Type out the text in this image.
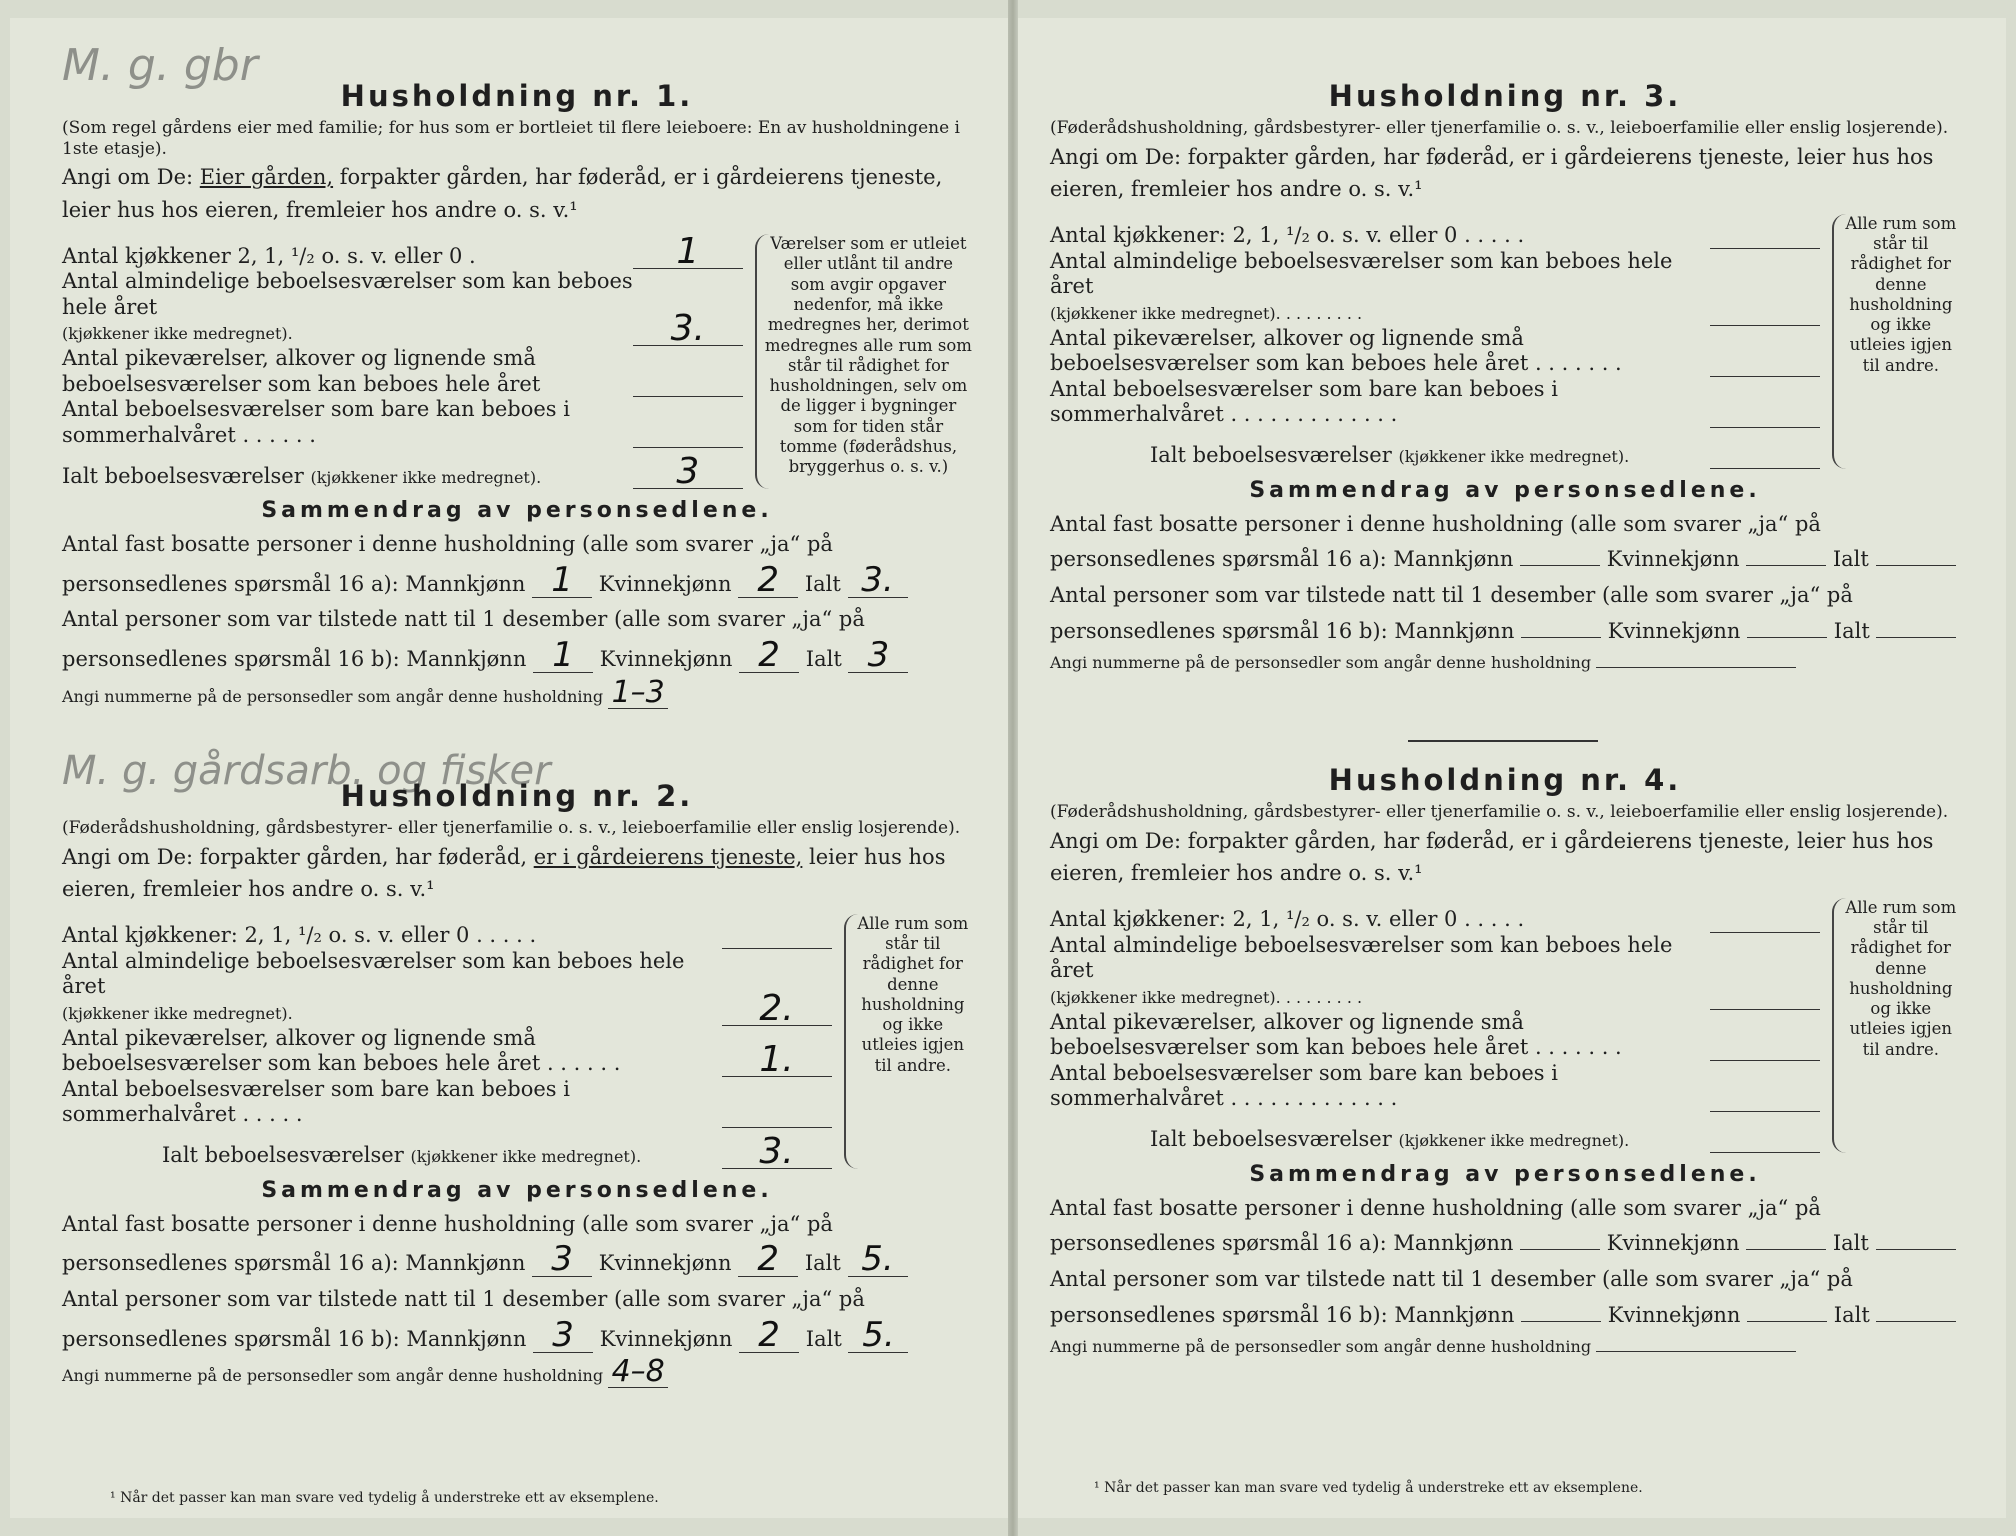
M. g. gbr
M. g. gårdsarb. og fisker
Husholdning nr. 1.
(Som regel gårdens eier med familie; for hus som er bortleiet til flere leieboere: En av husholdningene i 1ste etasje).

Angi om De: Eier gården, forpakter gården, har føderåd, er i gårdeierens tjeneste, leier hus hos eieren, fremleier hos andre o. s. v.¹

Antal kjøkkener 2, 1, ¹/₂ o. s. v. eller 0 .	1
Antal almindelige beboelsesværelser som kan beboes hele året
(kjøkkener ikke medregnet).	3.
Antal pikeværelser, alkover og lignende små beboelsesværelser som kan beboes hele året
Antal beboelsesværelser som bare kan beboes i sommerhalvåret . . . . . .
Ialt beboelsesværelser (kjøkkener ikke medregnet).	3
Værelser som er utleiet eller utlånt til andre som avgir opgaver nedenfor, må ikke medregnes her, derimot medregnes alle rum som står til rådighet for husholdningen, selv om de ligger i bygninger som for tiden står tomme (føderådshus, bryggerhus o. s. v.)
Sammendrag av personsedlene.

Antal fast bosatte personer i denne husholdning (alle som svarer „ja“ på personsedlenes spørsmål 16 a): Mannkjønn 1 Kvinnekjønn 2 Ialt 3.

Antal personer som var tilstede natt til 1 desember (alle som svarer „ja“ på personsedlenes spørsmål 16 b): Mannkjønn 1 Kvinnekjønn 2 Ialt 3

Angi nummerne på de personsedler som angår denne husholdning 1–3

Husholdning nr. 2.
(Føderådshusholdning, gårdsbestyrer- eller tjenerfamilie o. s. v., leieboerfamilie eller enslig losjerende).

Angi om De: forpakter gården, har føderåd, er i gårdeierens tjeneste, leier hus hos eieren, fremleier hos andre o. s. v.¹

Antal kjøkkener: 2, 1, ¹/₂ o. s. v. eller 0 . . . . .
Antal almindelige beboelsesværelser som kan beboes hele året
(kjøkkener ikke medregnet).	2.
Antal pikeværelser, alkover og lignende små beboelsesværelser som kan beboes hele året . . . . . .	1.
Antal beboelsesværelser som bare kan beboes i sommerhalvåret . . . . .
Ialt beboelsesværelser (kjøkkener ikke medregnet).	3.
Alle rum som står til rådighet for denne husholdning og ikke utleies igjen til andre.
Sammendrag av personsedlene.

Antal fast bosatte personer i denne husholdning (alle som svarer „ja“ på personsedlenes spørsmål 16 a): Mannkjønn 3 Kvinnekjønn 2 Ialt 5.

Antal personer som var tilstede natt til 1 desember (alle som svarer „ja“ på personsedlenes spørsmål 16 b): Mannkjønn 3 Kvinnekjønn 2 Ialt 5.

Angi nummerne på de personsedler som angår denne husholdning 4–8

¹ Når det passer kan man svare ved tydelig å understreke ett av eksemplene.
Husholdning nr. 3.
(Føderådshusholdning, gårdsbestyrer- eller tjenerfamilie o. s. v., leieboerfamilie eller enslig losjerende).

Angi om De: forpakter gården, har føderåd, er i gårdeierens tjeneste, leier hus hos eieren, fremleier hos andre o. s. v.¹

Antal kjøkkener: 2, 1, ¹/₂ o. s. v. eller 0 . . . . .
Antal almindelige beboelsesværelser som kan beboes hele året
(kjøkkener ikke medregnet). . . . . . . . .
Antal pikeværelser, alkover og lignende små beboelsesværelser som kan beboes hele året . . . . . . .
Antal beboelsesværelser som bare kan beboes i sommerhalvåret . . . . . . . . . . . . .
Ialt beboelsesværelser (kjøkkener ikke medregnet).
Alle rum som står til rådighet for denne husholdning og ikke utleies igjen til andre.
Sammendrag av personsedlene.

Antal fast bosatte personer i denne husholdning (alle som svarer „ja“ på personsedlenes spørsmål 16 a): Mannkjønn	Kvinnekjønn	Ialt

Antal personer som var tilstede natt til 1 desember (alle som svarer „ja“ på personsedlenes spørsmål 16 b): Mannkjønn	Kvinnekjønn	Ialt

Angi nummerne på de personsedler som angår denne husholdning

Husholdning nr. 4.
(Føderådshusholdning, gårdsbestyrer- eller tjenerfamilie o. s. v., leieboerfamilie eller enslig losjerende).

Angi om De: forpakter gården, har føderåd, er i gårdeierens tjeneste, leier hus hos eieren, fremleier hos andre o. s. v.¹

Antal kjøkkener: 2, 1, ¹/₂ o. s. v. eller 0 . . . . .
Antal almindelige beboelsesværelser som kan beboes hele året
(kjøkkener ikke medregnet). . . . . . . . .
Antal pikeværelser, alkover og lignende små beboelsesværelser som kan beboes hele året . . . . . . .
Antal beboelsesværelser som bare kan beboes i sommerhalvåret . . . . . . . . . . . . .
Ialt beboelsesværelser (kjøkkener ikke medregnet).
Alle rum som står til rådighet for denne husholdning og ikke utleies igjen til andre.
Sammendrag av personsedlene.

Antal fast bosatte personer i denne husholdning (alle som svarer „ja“ på personsedlenes spørsmål 16 a): Mannkjønn	Kvinnekjønn	Ialt

Antal personer som var tilstede natt til 1 desember (alle som svarer „ja“ på personsedlenes spørsmål 16 b): Mannkjønn	Kvinnekjønn	Ialt

Angi nummerne på de personsedler som angår denne husholdning

¹ Når det passer kan man svare ved tydelig å understreke ett av eksemplene.
